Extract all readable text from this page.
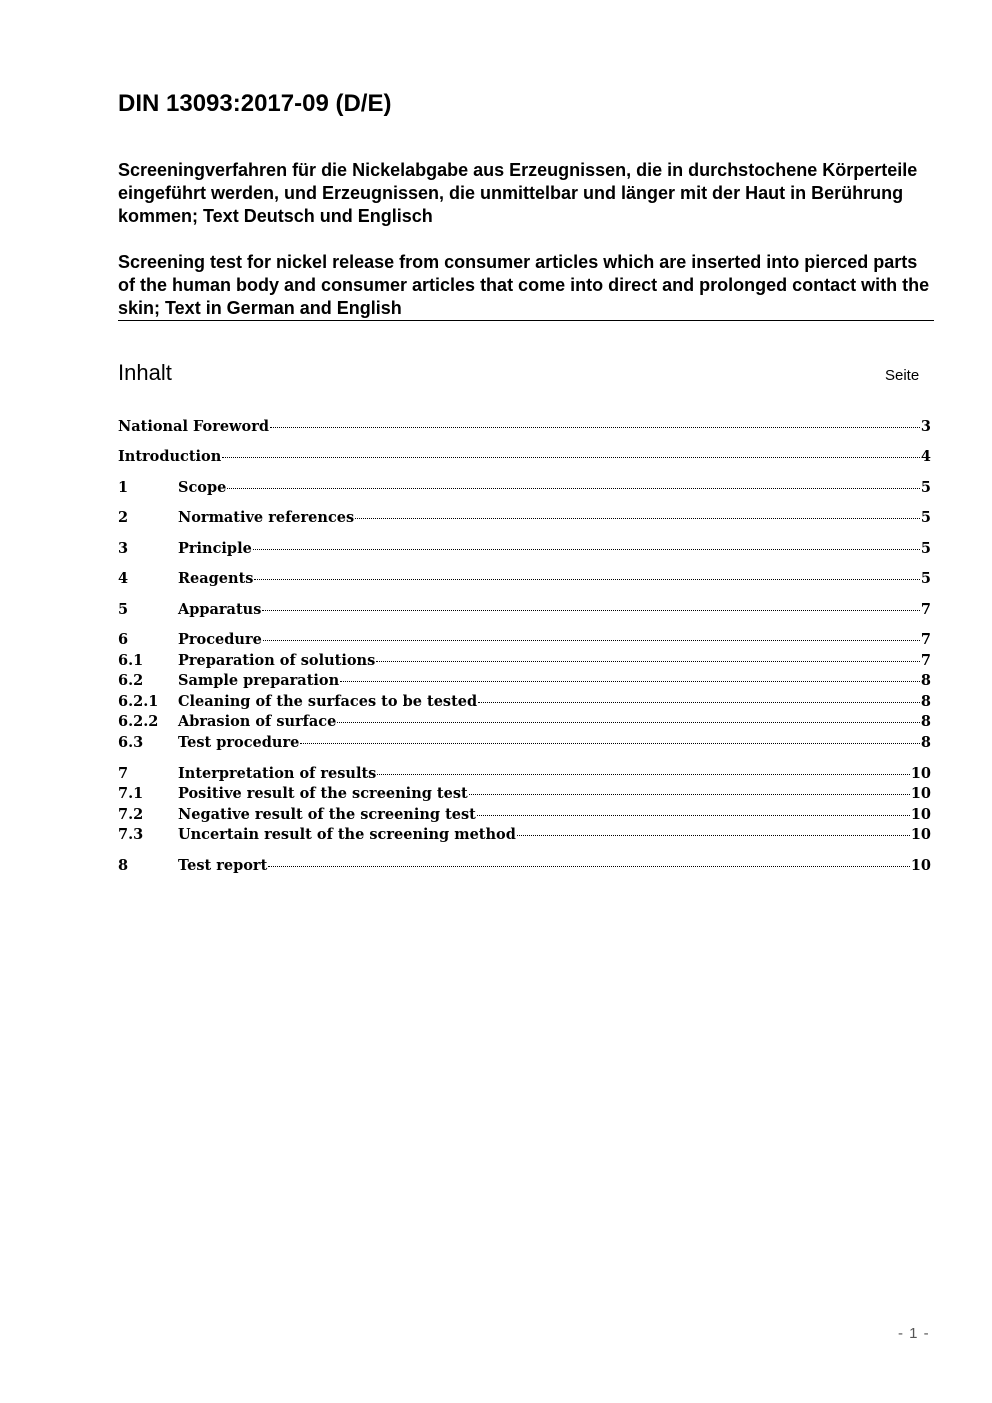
DIN 13093:2017-09 (D/E)

Screeningverfahren für die Nickelabgabe aus Erzeugnissen, die in durchstochene Körperteile eingeführt werden, und Erzeugnissen, die unmittelbar und länger mit der Haut in Berührung kommen; Text Deutsch und Englisch

Screening test for nickel release from consumer articles which are inserted into pierced parts of the human body and consumer articles that come into direct and prolonged contact with the skin; Text in German and English

Inhalt	Seite
National Foreword	3
Introduction	4
1	Scope	5
2	Normative references	5
3	Principle	5
4	Reagents	5
5	Apparatus	7
6	Procedure	7
6.1	Preparation of solutions	7
6.2	Sample preparation	8
6.2.1	Cleaning of the surfaces to be tested	8
6.2.2	Abrasion of surface	8
6.3	Test procedure	8
7	Interpretation of results	10
7.1	Positive result of the screening test	10
7.2	Negative result of the screening test	10
7.3	Uncertain result of the screening method	10
8	Test report	10
- 1 -
